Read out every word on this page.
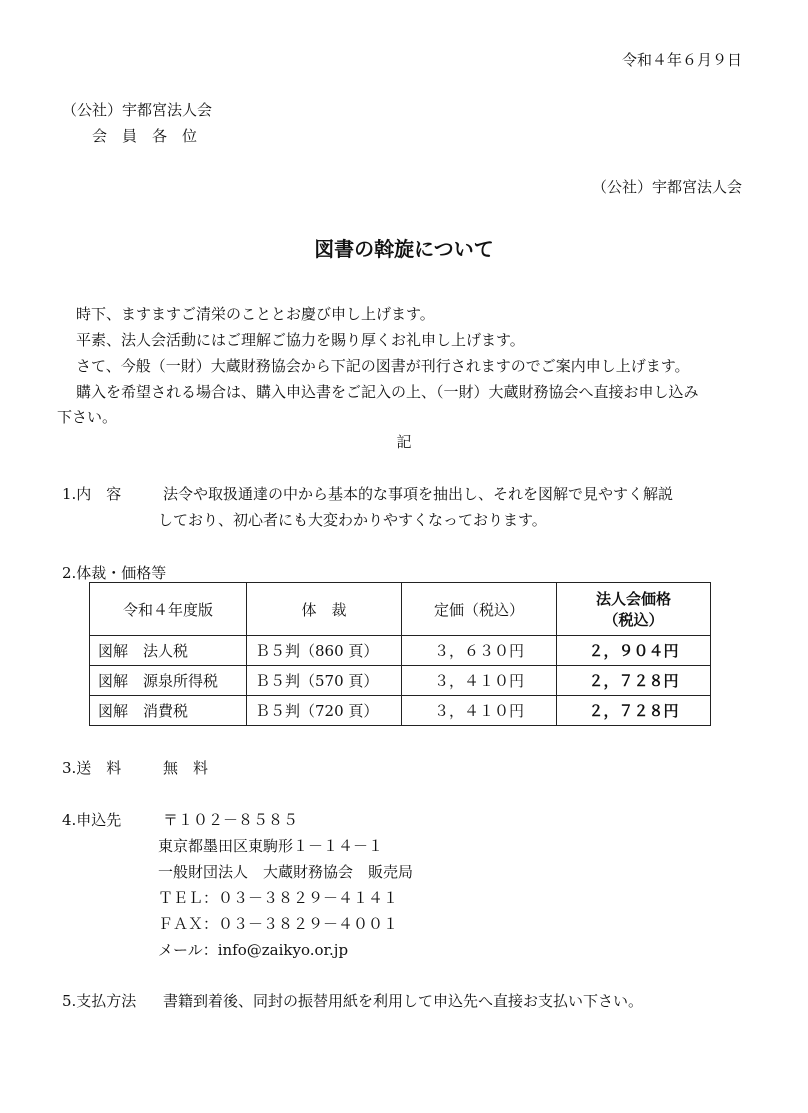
令和４年６月９日
（公社）宇都宮法人会
会　員　各　位
（公社）宇都宮法人会
図書の斡旋について
時下、ますますご清栄のこととお慶び申し上げます。
平素、法人会活動にはご理解ご協力を賜り厚くお礼申し上げます。
さて、今般（一財）大蔵財務協会から下記の図書が刊行されますのでご案内申し上げます。
購入を希望される場合は、購入申込書をご記入の上、（一財）大蔵財務協会へ直接お申し込み
下さい。
記
1.内　容	法令や取扱通達の中から基本的な事項を抽出し、それを図解で見やすく解説
しており、初心者にも大変わかりやすくなっております。
2.体裁・価格等
令和４年度版	体　裁	定価（税込）	法人会価格
（税込）

図解　法人税	Ｂ５判（860 頁）	３，６３０円	２，９０４円
図解　源泉所得税	Ｂ５判（570 頁）	３，４１０円	２，７２８円
図解　消費税	Ｂ５判（720 頁）	３，４１０円	２，７２８円
3.送　料	無　料
4.申込先	〒１０２－８５８５
東京都墨田区東駒形１－１４－１
一般財団法人　大蔵財務協会　販売局
ＴＥＬ：０３－３８２９－４１４１
ＦＡＸ：０３－３８２９－４００１
メール：info@zaikyo.or.jp
5.支払方法 書籍到着後、同封の振替用紙を利用して申込先へ直接お支払い下さい。
